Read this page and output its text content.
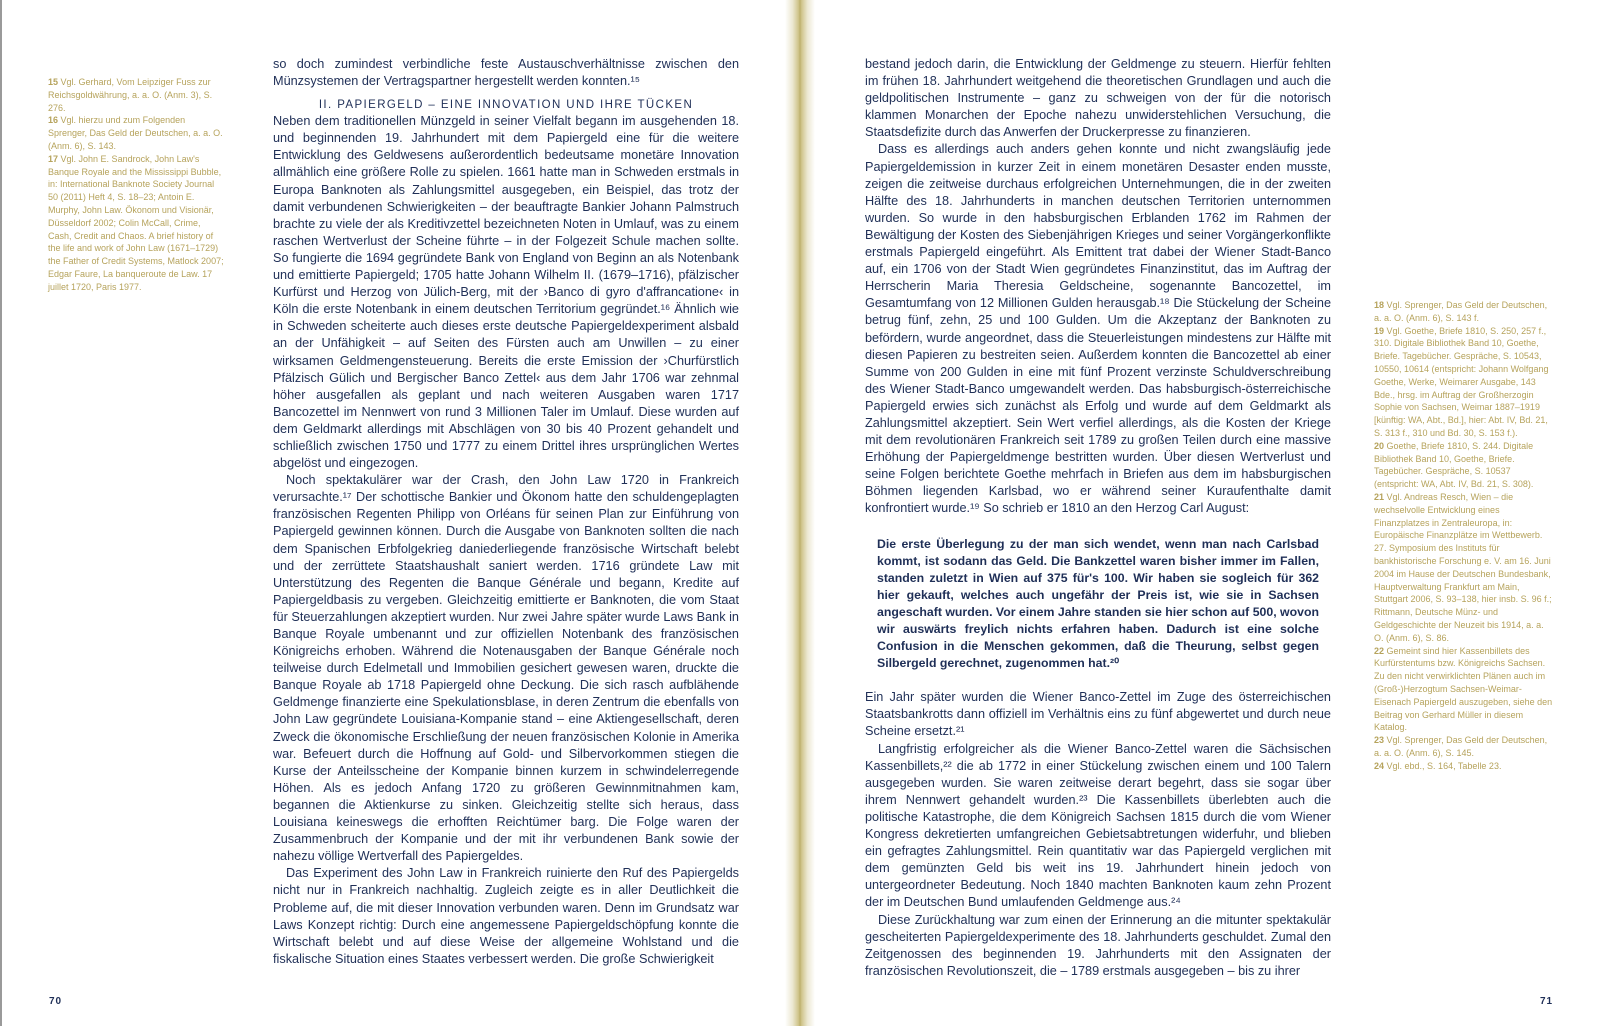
15 Vgl. Gerhard, Vom Leipziger Fuss zur Reichsgoldwährung, a. a. O. (Anm. 3), S. 276.

16 Vgl. hierzu und zum Folgenden Sprenger, Das Geld der Deutschen, a. a. O. (Anm. 6), S. 143.

17 Vgl. John E. Sandrock, John Law's Banque Royale and the Mississippi Bubble, in: International Banknote Society Journal 50 (2011) Heft 4, S. 18–23; Antoin E. Murphy, John Law. Ökonom und Visionär, Düsseldorf 2002; Colin McCall, Crime, Cash, Credit and Chaos. A brief history of the life and work of John Law (1671–1729) the Father of Credit Systems, Matlock 2007; Edgar Faure, La banqueroute de Law. 17 juillet 1720, Paris 1977.

so doch zumindest verbindliche feste Austauschverhältnisse zwischen den Münzsystemen der Vertragspartner hergestellt werden konnten.¹⁵

II. PAPIERGELD – EINE INNOVATION UND IHRE TÜCKEN

Neben dem traditionellen Münzgeld in seiner Vielfalt begann im ausgehenden 18. und beginnenden 19. Jahrhundert mit dem Papiergeld eine für die weitere Entwicklung des Geldwesens außerordentlich bedeutsame monetäre Innovation allmählich eine größere Rolle zu spielen. 1661 hatte man in Schweden erstmals in Europa Banknoten als Zahlungsmittel ausgegeben, ein Beispiel, das trotz der damit verbundenen Schwierigkeiten – der beauftragte Bankier Johann Palmstruch brachte zu viele der als Kreditivzettel bezeichneten Noten in Umlauf, was zu einem raschen Wertverlust der Scheine führte – in der Folgezeit Schule machen sollte. So fungierte die 1694 gegründete Bank von England von Beginn an als Notenbank und emittierte Papiergeld; 1705 hatte Johann Wilhelm II. (1679–1716), pfälzischer Kurfürst und Herzog von Jülich-Berg, mit der ›Banco di gyro d'affrancatione‹ in Köln die erste Notenbank in einem deutschen Territorium gegründet.¹⁶ Ähnlich wie in Schweden scheiterte auch dieses erste deutsche Papiergeldexperiment alsbald an der Unfähigkeit – auf Seiten des Fürsten auch am Unwillen – zu einer wirksamen Geldmengensteuerung. Bereits die erste Emission der ›Churfürstlich Pfälzisch Gülich und Bergischer Banco Zettel‹ aus dem Jahr 1706 war zehnmal höher ausgefallen als geplant und nach weiteren Ausgaben waren 1717 Bancozettel im Nennwert von rund 3 Millionen Taler im Umlauf. Diese wurden auf dem Geldmarkt allerdings mit Abschlägen von 30 bis 40 Prozent gehandelt und schließlich zwischen 1750 und 1777 zu einem Drittel ihres ursprünglichen Wertes abgelöst und eingezogen.

Noch spektakulärer war der Crash, den John Law 1720 in Frankreich verursachte.¹⁷ Der schottische Bankier und Ökonom hatte den schuldengeplagten französischen Regenten Philipp von Orléans für seinen Plan zur Einführung von Papiergeld gewinnen können. Durch die Ausgabe von Banknoten sollten die nach dem Spanischen Erbfolgekrieg daniederliegende französische Wirtschaft belebt und der zerrüttete Staatshaushalt saniert werden. 1716 gründete Law mit Unterstützung des Regenten die Banque Générale und begann, Kredite auf Papiergeldbasis zu vergeben. Gleichzeitig emittierte er Banknoten, die vom Staat für Steuerzahlungen akzeptiert wurden. Nur zwei Jahre später wurde Laws Bank in Banque Royale umbenannt und zur offiziellen Notenbank des französischen Königreichs erhoben. Während die Notenausgaben der Banque Générale noch teilweise durch Edelmetall und Immobilien gesichert gewesen waren, druckte die Banque Royale ab 1718 Papiergeld ohne Deckung. Die sich rasch aufblähende Geldmenge finanzierte eine Spekulationsblase, in deren Zentrum die ebenfalls von John Law gegründete Louisiana-Kompanie stand – eine Aktiengesellschaft, deren Zweck die ökonomische Erschließung der neuen französischen Kolonie in Amerika war. Befeuert durch die Hoffnung auf Gold- und Silbervorkommen stiegen die Kurse der Anteilsscheine der Kompanie binnen kurzem in schwindelerregende Höhen. Als es jedoch Anfang 1720 zu größeren Gewinnmitnahmen kam, begannen die Aktienkurse zu sinken. Gleichzeitig stellte sich heraus, dass Louisiana keineswegs die erhofften Reichtümer barg. Die Folge waren der Zusammenbruch der Kompanie und der mit ihr verbundenen Bank sowie der nahezu völlige Wertverfall des Papiergeldes.

Das Experiment des John Law in Frankreich ruinierte den Ruf des Papiergelds nicht nur in Frankreich nachhaltig. Zugleich zeigte es in aller Deutlichkeit die Probleme auf, die mit dieser Innovation verbunden waren. Denn im Grundsatz war Laws Konzept richtig: Durch eine angemessene Papiergeldschöpfung konnte die Wirtschaft belebt und auf diese Weise der allgemeine Wohlstand und die fiskalische Situation eines Staates verbessert werden. Die große Schwierigkeit

70

bestand jedoch darin, die Entwicklung der Geldmenge zu steuern. Hierfür fehlten im frühen 18. Jahrhundert weitgehend die theoretischen Grundlagen und auch die geldpolitischen Instrumente – ganz zu schweigen von der für die notorisch klammen Monarchen der Epoche nahezu unwiderstehlichen Versuchung, die Staatsdefizite durch das Anwerfen der Druckerpresse zu finanzieren.

Dass es allerdings auch anders gehen konnte und nicht zwangsläufig jede Papiergeldemission in kurzer Zeit in einem monetären Desaster enden musste, zeigen die zeitweise durchaus erfolgreichen Unternehmungen, die in der zweiten Hälfte des 18. Jahrhunderts in manchen deutschen Territorien unternommen wurden. So wurde in den habsburgischen Erblanden 1762 im Rahmen der Bewältigung der Kosten des Siebenjährigen Krieges und seiner Vorgängerkonflikte erstmals Papiergeld eingeführt. Als Emittent trat dabei der Wiener Stadt-Banco auf, ein 1706 von der Stadt Wien gegründetes Finanzinstitut, das im Auftrag der Herrscherin Maria Theresia Geldscheine, sogenannte Bancozettel, im Gesamtumfang von 12 Millionen Gulden herausgab.¹⁸ Die Stückelung der Scheine betrug fünf, zehn, 25 und 100 Gulden. Um die Akzeptanz der Banknoten zu befördern, wurde angeordnet, dass die Steuerleistungen mindestens zur Hälfte mit diesen Papieren zu bestreiten seien. Außerdem konnten die Bancozettel ab einer Summe von 200 Gulden in eine mit fünf Prozent verzinste Schuldverschreibung des Wiener Stadt-Banco umgewandelt werden. Das habsburgisch-österreichische Papiergeld erwies sich zunächst als Erfolg und wurde auf dem Geldmarkt als Zahlungsmittel akzeptiert. Sein Wert verfiel allerdings, als die Kosten der Kriege mit dem revolutionären Frankreich seit 1789 zu großen Teilen durch eine massive Erhöhung der Papiergeldmenge bestritten wurden. Über diesen Wertverlust und seine Folgen berichtete Goethe mehrfach in Briefen aus dem im habsburgischen Böhmen liegenden Karlsbad, wo er während seiner Kuraufenthalte damit konfrontiert wurde.¹⁹ So schrieb er 1810 an den Herzog Carl August:

Die erste Überlegung zu der man sich wendet, wenn man nach Carlsbad kommt, ist sodann das Geld. Die Bankzettel waren bisher immer im Fallen, standen zuletzt in Wien auf 375 für's 100. Wir haben sie sogleich für 362 hier gekauft, welches auch ungefähr der Preis ist, wie sie in Sachsen angeschaft wurden. Vor einem Jahre standen sie hier schon auf 500, wovon wir auswärts freylich nichts erfahren haben. Dadurch ist eine solche Confusion in die Menschen gekommen, daß die Theurung, selbst gegen Silbergeld gerechnet, zugenommen hat.²⁰

Ein Jahr später wurden die Wiener Banco-Zettel im Zuge des österreichischen Staatsbankrotts dann offiziell im Verhältnis eins zu fünf abgewertet und durch neue Scheine ersetzt.²¹

Langfristig erfolgreicher als die Wiener Banco-Zettel waren die Sächsischen Kassenbillets,²² die ab 1772 in einer Stückelung zwischen einem und 100 Talern ausgegeben wurden. Sie waren zeitweise derart begehrt, dass sie sogar über ihrem Nennwert gehandelt wurden.²³ Die Kassenbillets überlebten auch die politische Katastrophe, die dem Königreich Sachsen 1815 durch die vom Wiener Kongress dekretierten umfangreichen Gebietsabtretungen widerfuhr, und blieben ein gefragtes Zahlungsmittel. Rein quantitativ war das Papiergeld verglichen mit dem gemünzten Geld bis weit ins 19. Jahrhundert hinein jedoch von untergeordneter Bedeutung. Noch 1840 machten Banknoten kaum zehn Prozent der im Deutschen Bund umlaufenden Geldmenge aus.²⁴

Diese Zurückhaltung war zum einen der Erinnerung an die mitunter spektakulär gescheiterten Papiergeldexperimente des 18. Jahrhunderts geschuldet. Zumal den Zeitgenossen des beginnenden 19. Jahrhunderts mit den Assignaten der französischen Revolutionszeit, die – 1789 erstmals ausgegeben – bis zu ihrer

18 Vgl. Sprenger, Das Geld der Deutschen, a. a. O. (Anm. 6), S. 143 f.

19 Vgl. Goethe, Briefe 1810, S. 250, 257 f., 310. Digitale Bibliothek Band 10, Goethe, Briefe. Tagebücher. Gespräche, S. 10543, 10550, 10614 (entspricht: Johann Wolfgang Goethe, Werke, Weimarer Ausgabe, 143 Bde., hrsg. im Auftrag der Großherzogin Sophie von Sachsen, Weimar 1887–1919 [künftig: WA, Abt., Bd.], hier: Abt. IV, Bd. 21, S. 313 f., 310 und Bd. 30, S. 153 f.).

20 Goethe, Briefe 1810, S. 244. Digitale Bibliothek Band 10, Goethe, Briefe. Tagebücher. Gespräche, S. 10537 (entspricht: WA, Abt. IV, Bd. 21, S. 308).

21 Vgl. Andreas Resch, Wien – die wechselvolle Entwicklung eines Finanzplatzes in Zentraleuropa, in: Europäische Finanzplätze im Wettbewerb. 27. Symposium des Instituts für bankhistorische Forschung e. V. am 16. Juni 2004 im Hause der Deutschen Bundesbank, Hauptverwaltung Frankfurt am Main, Stuttgart 2006, S. 93–138, hier insb. S. 96 f.; Rittmann, Deutsche Münz- und Geldgeschichte der Neuzeit bis 1914, a. a. O. (Anm. 6), S. 86.

22 Gemeint sind hier Kassenbillets des Kurfürstentums bzw. Königreichs Sachsen. Zu den nicht verwirklichten Plänen auch im (Groß-)Herzogtum Sachsen-Weimar-Eisenach Papiergeld auszugeben, siehe den Beitrag von Gerhard Müller in diesem Katalog.

23 Vgl. Sprenger, Das Geld der Deutschen, a. a. O. (Anm. 6), S. 145.

24 Vgl. ebd., S. 164, Tabelle 23.

71
